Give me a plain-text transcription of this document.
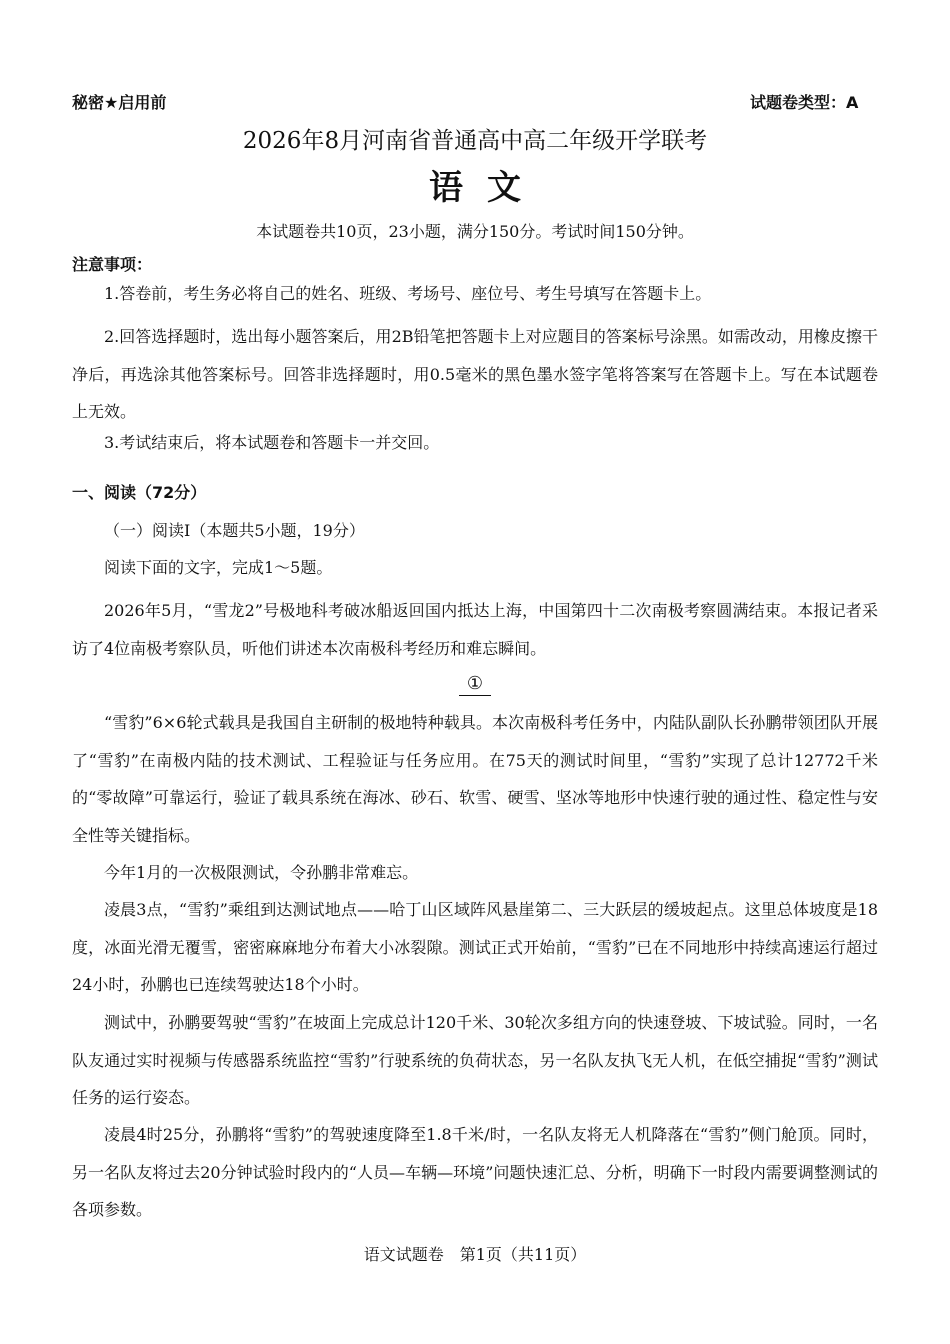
秘密★启用前	试题卷类型：A
2026年8月河南省普通高中高二年级开学联考
语文
本试题卷共10页，23小题，满分150分。考试时间150分钟。
注意事项：
1.答卷前，考生务必将自己的姓名、班级、考场号、座位号、考生号填写在答题卡上。
2.回答选择题时，选出每小题答案后，用2B铅笔把答题卡上对应题目的答案标号涂黑。如需改动，用橡皮擦干净后，再选涂其他答案标号。回答非选择题时，用0.5毫米的黑色墨水签字笔将答案写在答题卡上。写在本试题卷上无效。
3.考试结束后，将本试题卷和答题卡一并交回。
一、阅读（72分）
（一）阅读Ⅰ（本题共5小题，19分）
阅读下面的文字，完成1～5题。
2026年5月，“雪龙2”号极地科考破冰船返回国内抵达上海，中国第四十二次南极考察圆满结束。本报记者采访了4位南极考察队员，听他们讲述本次南极科考经历和难忘瞬间。
①
“雪豹”6×6轮式载具是我国自主研制的极地特种载具。本次南极科考任务中，内陆队副队长孙鹏带领团队开展了“雪豹”在南极内陆的技术测试、工程验证与任务应用。在75天的测试时间里，“雪豹”实现了总计12772千米的“零故障”可靠运行，验证了载具系统在海冰、砂石、软雪、硬雪、坚冰等地形中快速行驶的通过性、稳定性与安全性等关键指标。
今年1月的一次极限测试，令孙鹏非常难忘。
凌晨3点，“雪豹”乘组到达测试地点——哈丁山区域阵风悬崖第二、三大跃层的缓坡起点。这里总体坡度是18度，冰面光滑无覆雪，密密麻麻地分布着大小冰裂隙。测试正式开始前，“雪豹”已在不同地形中持续高速运行超过24小时，孙鹏也已连续驾驶达18个小时。
测试中，孙鹏要驾驶“雪豹”在坡面上完成总计120千米、30轮次多组方向的快速登坡、下坡试验。同时，一名队友通过实时视频与传感器系统监控“雪豹”行驶系统的负荷状态，另一名队友执飞无人机，在低空捕捉“雪豹”测试任务的运行姿态。
凌晨4时25分，孙鹏将“雪豹”的驾驶速度降至1.8千米/时，一名队友将无人机降落在“雪豹”侧门舱顶。同时，另一名队友将过去20分钟试验时段内的“人员—车辆—环境”问题快速汇总、分析，明确下一时段内需要调整测试的各项参数。
语文试题卷　第1页（共11页）
